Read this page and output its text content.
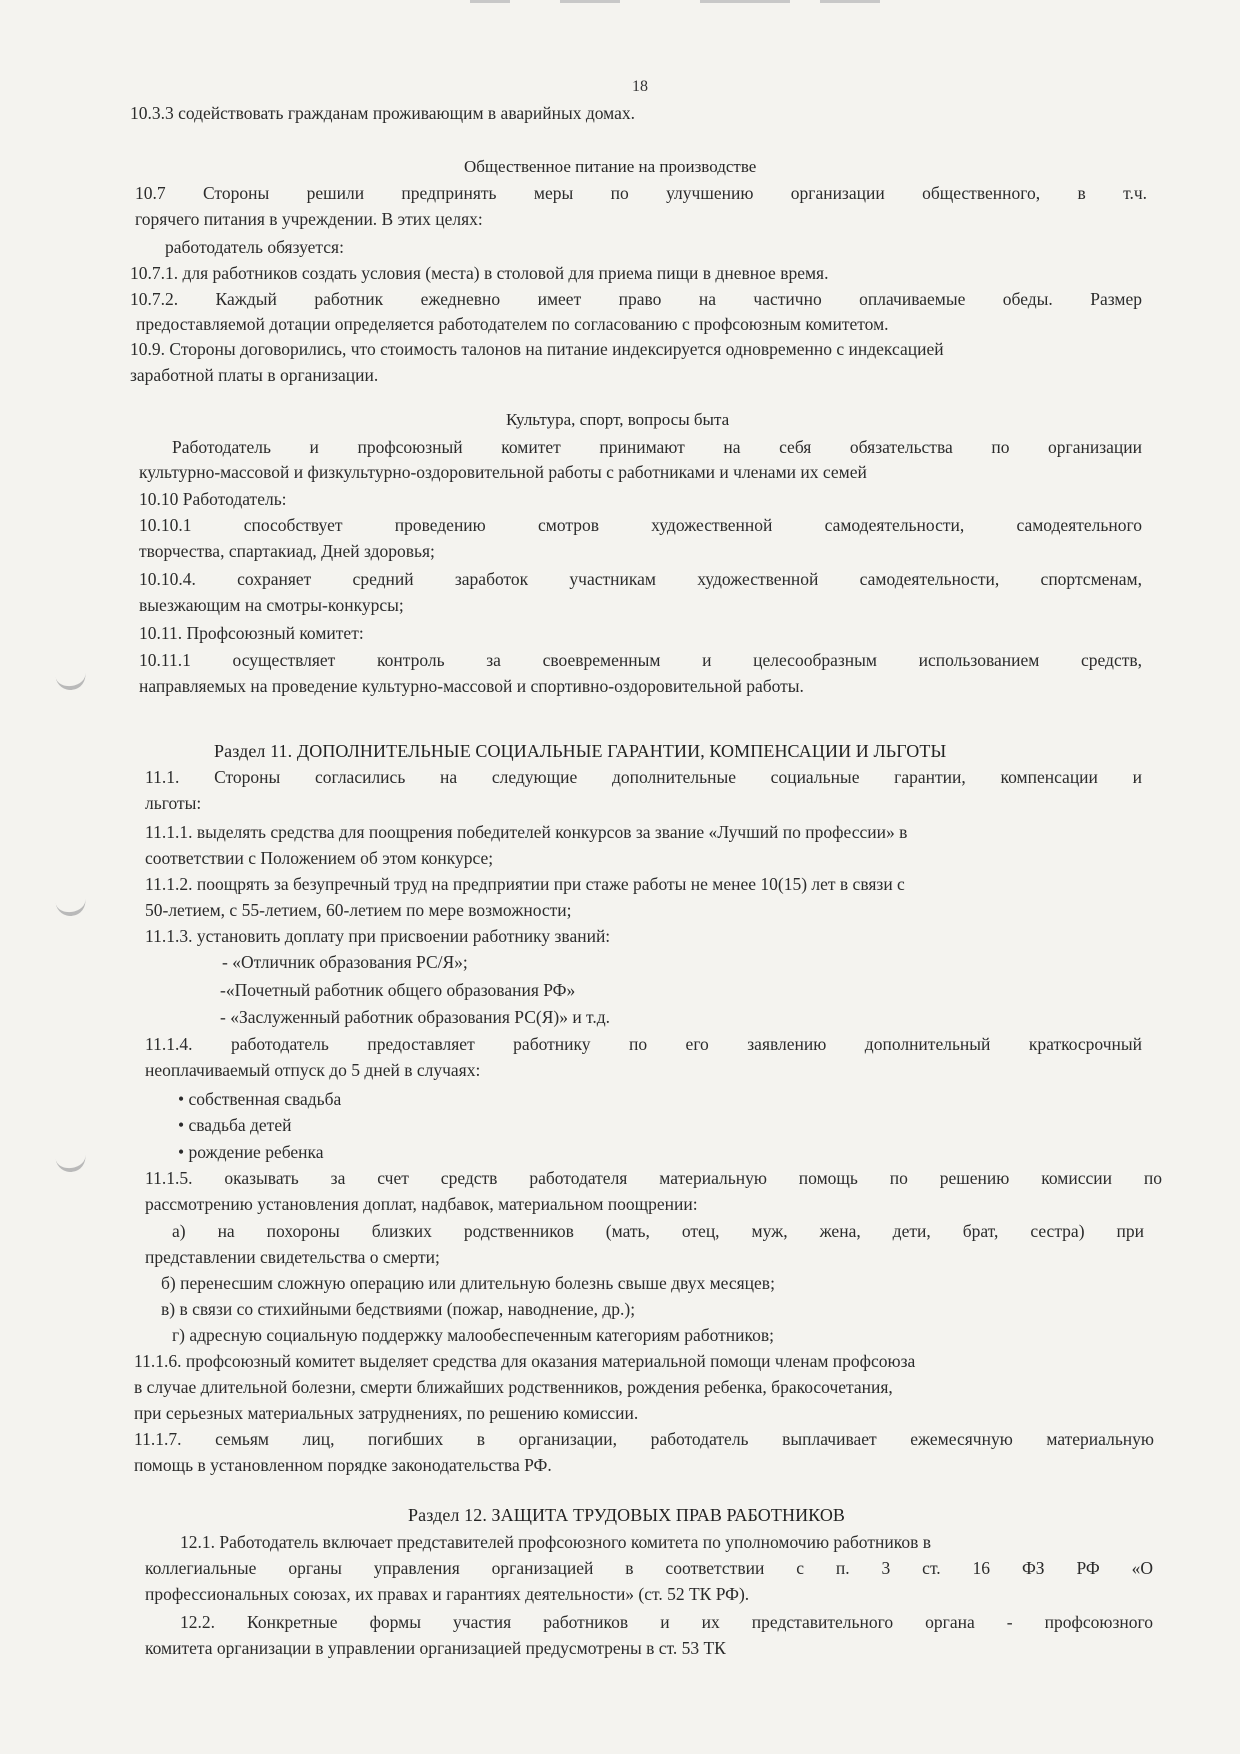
18
10.3.3 содействовать гражданам проживающим в аварийных домах.
Общественное питание на производстве
10.7 Стороны решили предпринять меры по улучшению организации общественного, в т.ч.
горячего питания в учреждении. В этих целях:
работодатель обязуется:
10.7.1. для работников создать условия (места) в столовой для приема пищи в дневное время.
10.7.2. Каждый работник ежедневно имеет право на частично оплачиваемые обеды. Размер
предоставляемой дотации определяется работодателем по согласованию с профсоюзным комитетом.
10.9. Стороны договорились, что стоимость талонов на питание индексируется одновременно с индексацией
заработной платы в организации.
Культура, спорт, вопросы быта
Работодатель и профсоюзный комитет принимают на себя обязательства по организации
культурно-массовой и физкультурно-оздоровительной работы с работниками и членами их семей
10.10 Работодатель:
10.10.1 способствует проведению смотров художественной самодеятельности, самодеятельного
творчества, спартакиад, Дней здоровья;
10.10.4. сохраняет средний заработок участникам художественной самодеятельности, спортсменам,
выезжающим на смотры-конкурсы;
10.11. Профсоюзный комитет:
10.11.1 осуществляет контроль за своевременным и целесообразным использованием средств,
направляемых на проведение культурно-массовой и спортивно-оздоровительной работы.
Раздел 11. ДОПОЛНИТЕЛЬНЫЕ СОЦИАЛЬНЫЕ ГАРАНТИИ, КОМПЕНСАЦИИ И ЛЬГОТЫ
11.1. Стороны согласились на следующие дополнительные социальные гарантии, компенсации и
льготы:
11.1.1. выделять средства для поощрения победителей конкурсов за звание «Лучший по профессии» в
соответствии с Положением об этом конкурсе;
11.1.2. поощрять за безупречный труд на предприятии при стаже работы не менее 10(15) лет в связи с
50-летием, с 55-летием, 60-летием по мере возможности;
11.1.3. установить доплату при присвоении работнику званий:
- «Отличник образования РС/Я»;
-«Почетный работник общего образования РФ»
- «Заслуженный работник образования РС(Я)» и т.д.
11.1.4. работодатель предоставляет работнику по его заявлению дополнительный краткосрочный
неоплачиваемый отпуск до 5 дней в случаях:
• собственная свадьба
• свадьба детей
• рождение ребенка
11.1.5. оказывать за счет средств работодателя материальную помощь по решению комиссии по
рассмотрению установления доплат, надбавок, материальном поощрении:
а) на похороны близких родственников (мать, отец, муж, жена, дети, брат, сестра) при
представлении свидетельства о смерти;
б) перенесшим сложную операцию или длительную болезнь свыше двух месяцев;
в) в связи со стихийными бедствиями (пожар, наводнение, др.);
г) адресную социальную поддержку малообеспеченным категориям работников;
11.1.6. профсоюзный комитет выделяет средства для оказания материальной помощи членам профсоюза
в случае длительной болезни, смерти ближайших родственников, рождения ребенка, бракосочетания,
при серьезных материальных затруднениях, по решению комиссии.
11.1.7. семьям лиц, погибших в организации, работодатель выплачивает ежемесячную материальную
помощь в установленном порядке законодательства РФ.
Раздел 12. ЗАЩИТА ТРУДОВЫХ ПРАВ РАБОТНИКОВ
12.1. Работодатель включает представителей профсоюзного комитета по уполномочию работников в
коллегиальные органы управления организацией в соответствии с п. 3 ст. 16 ФЗ РФ «О
профессиональных союзах, их правах и гарантиях деятельности» (ст. 52 ТК РФ).
12.2. Конкретные формы участия работников и их представительного органа - профсоюзного
комитета организации в управлении организацией предусмотрены в ст. 53 ТК
